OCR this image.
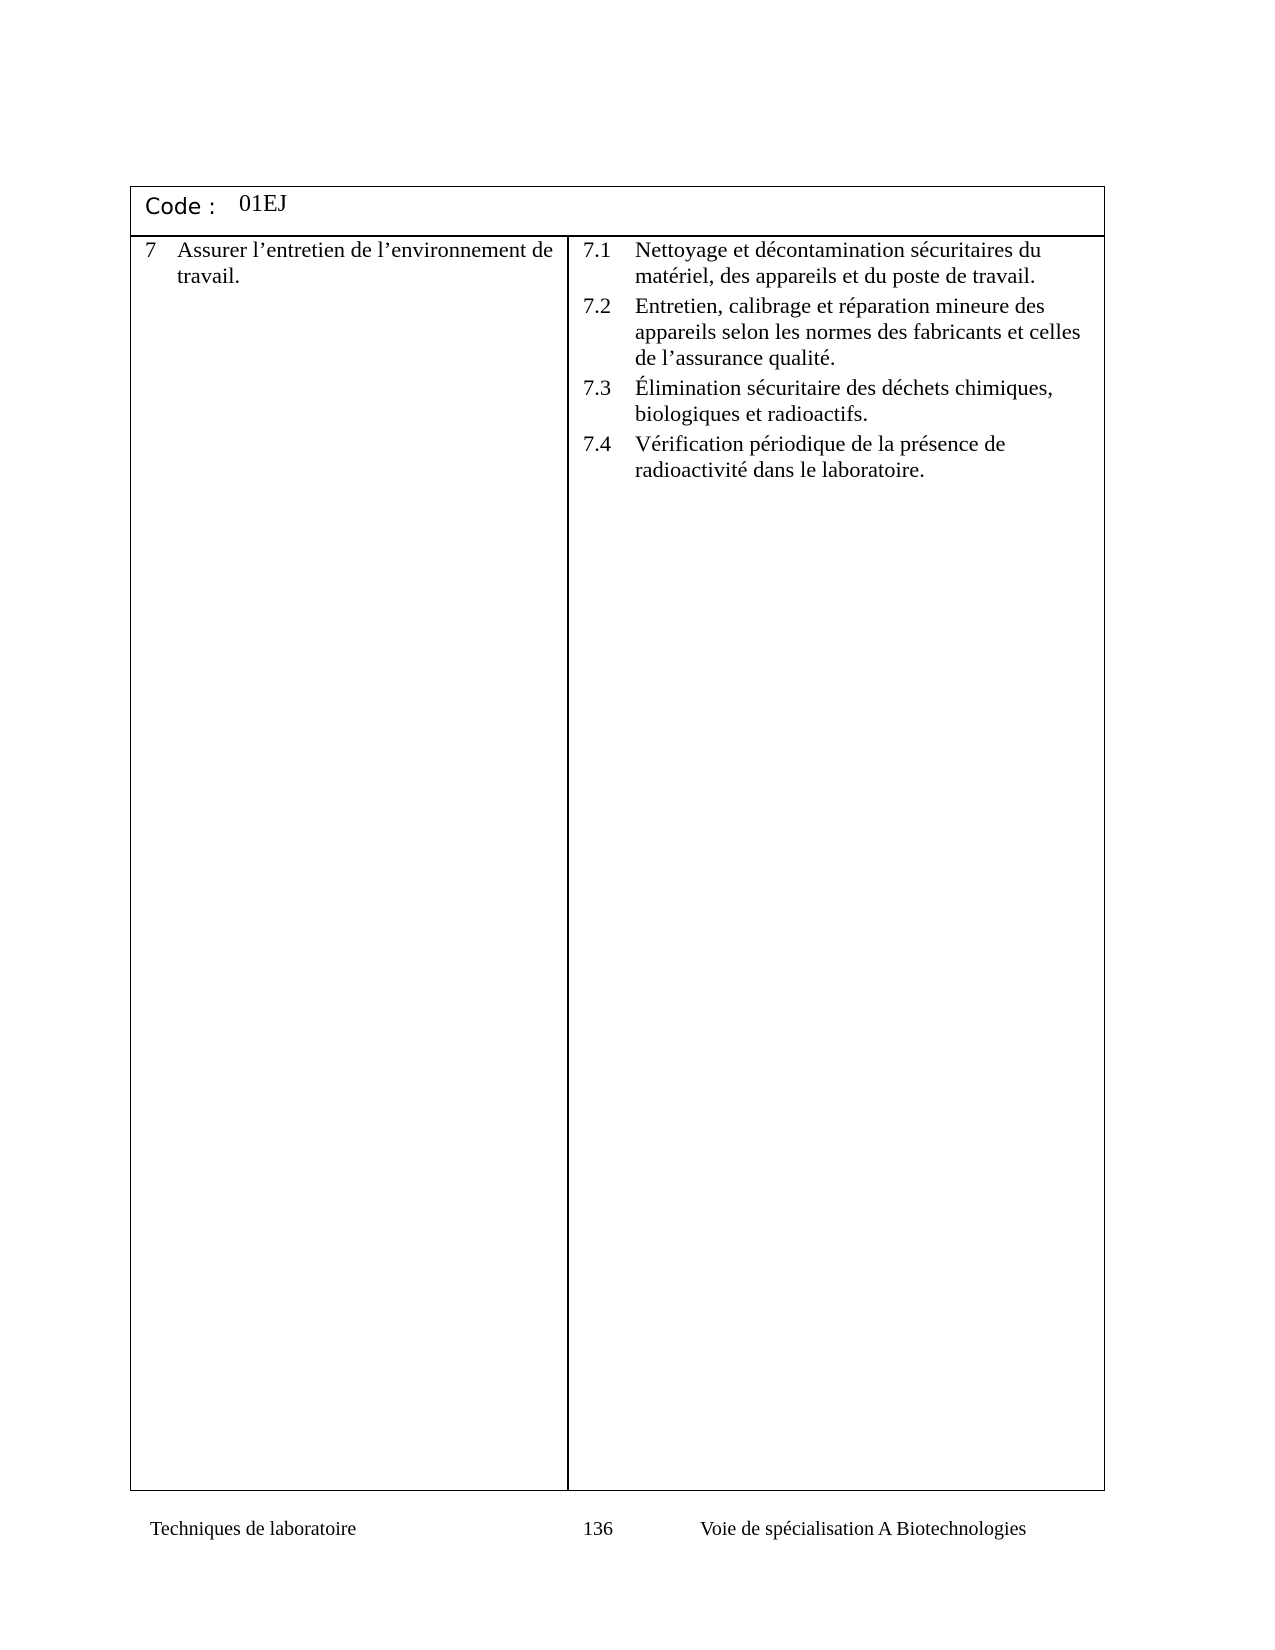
Code : 01EJ
7 Assurer l’entretien de l’environnement de travail.
7.1 Nettoyage et décontamination sécuritaires du matériel, des appareils et du poste de travail.
7.2 Entretien, calibrage et réparation mineure des appareils selon les normes des fabricants et celles de l’assurance qualité.
7.3 Élimination sécuritaire des déchets chimiques, biologiques et radioactifs.
7.4 Vérification périodique de la présence de radioactivité dans le laboratoire.
Techniques de laboratoire	136	Voie de spécialisation A Biotechnologies
